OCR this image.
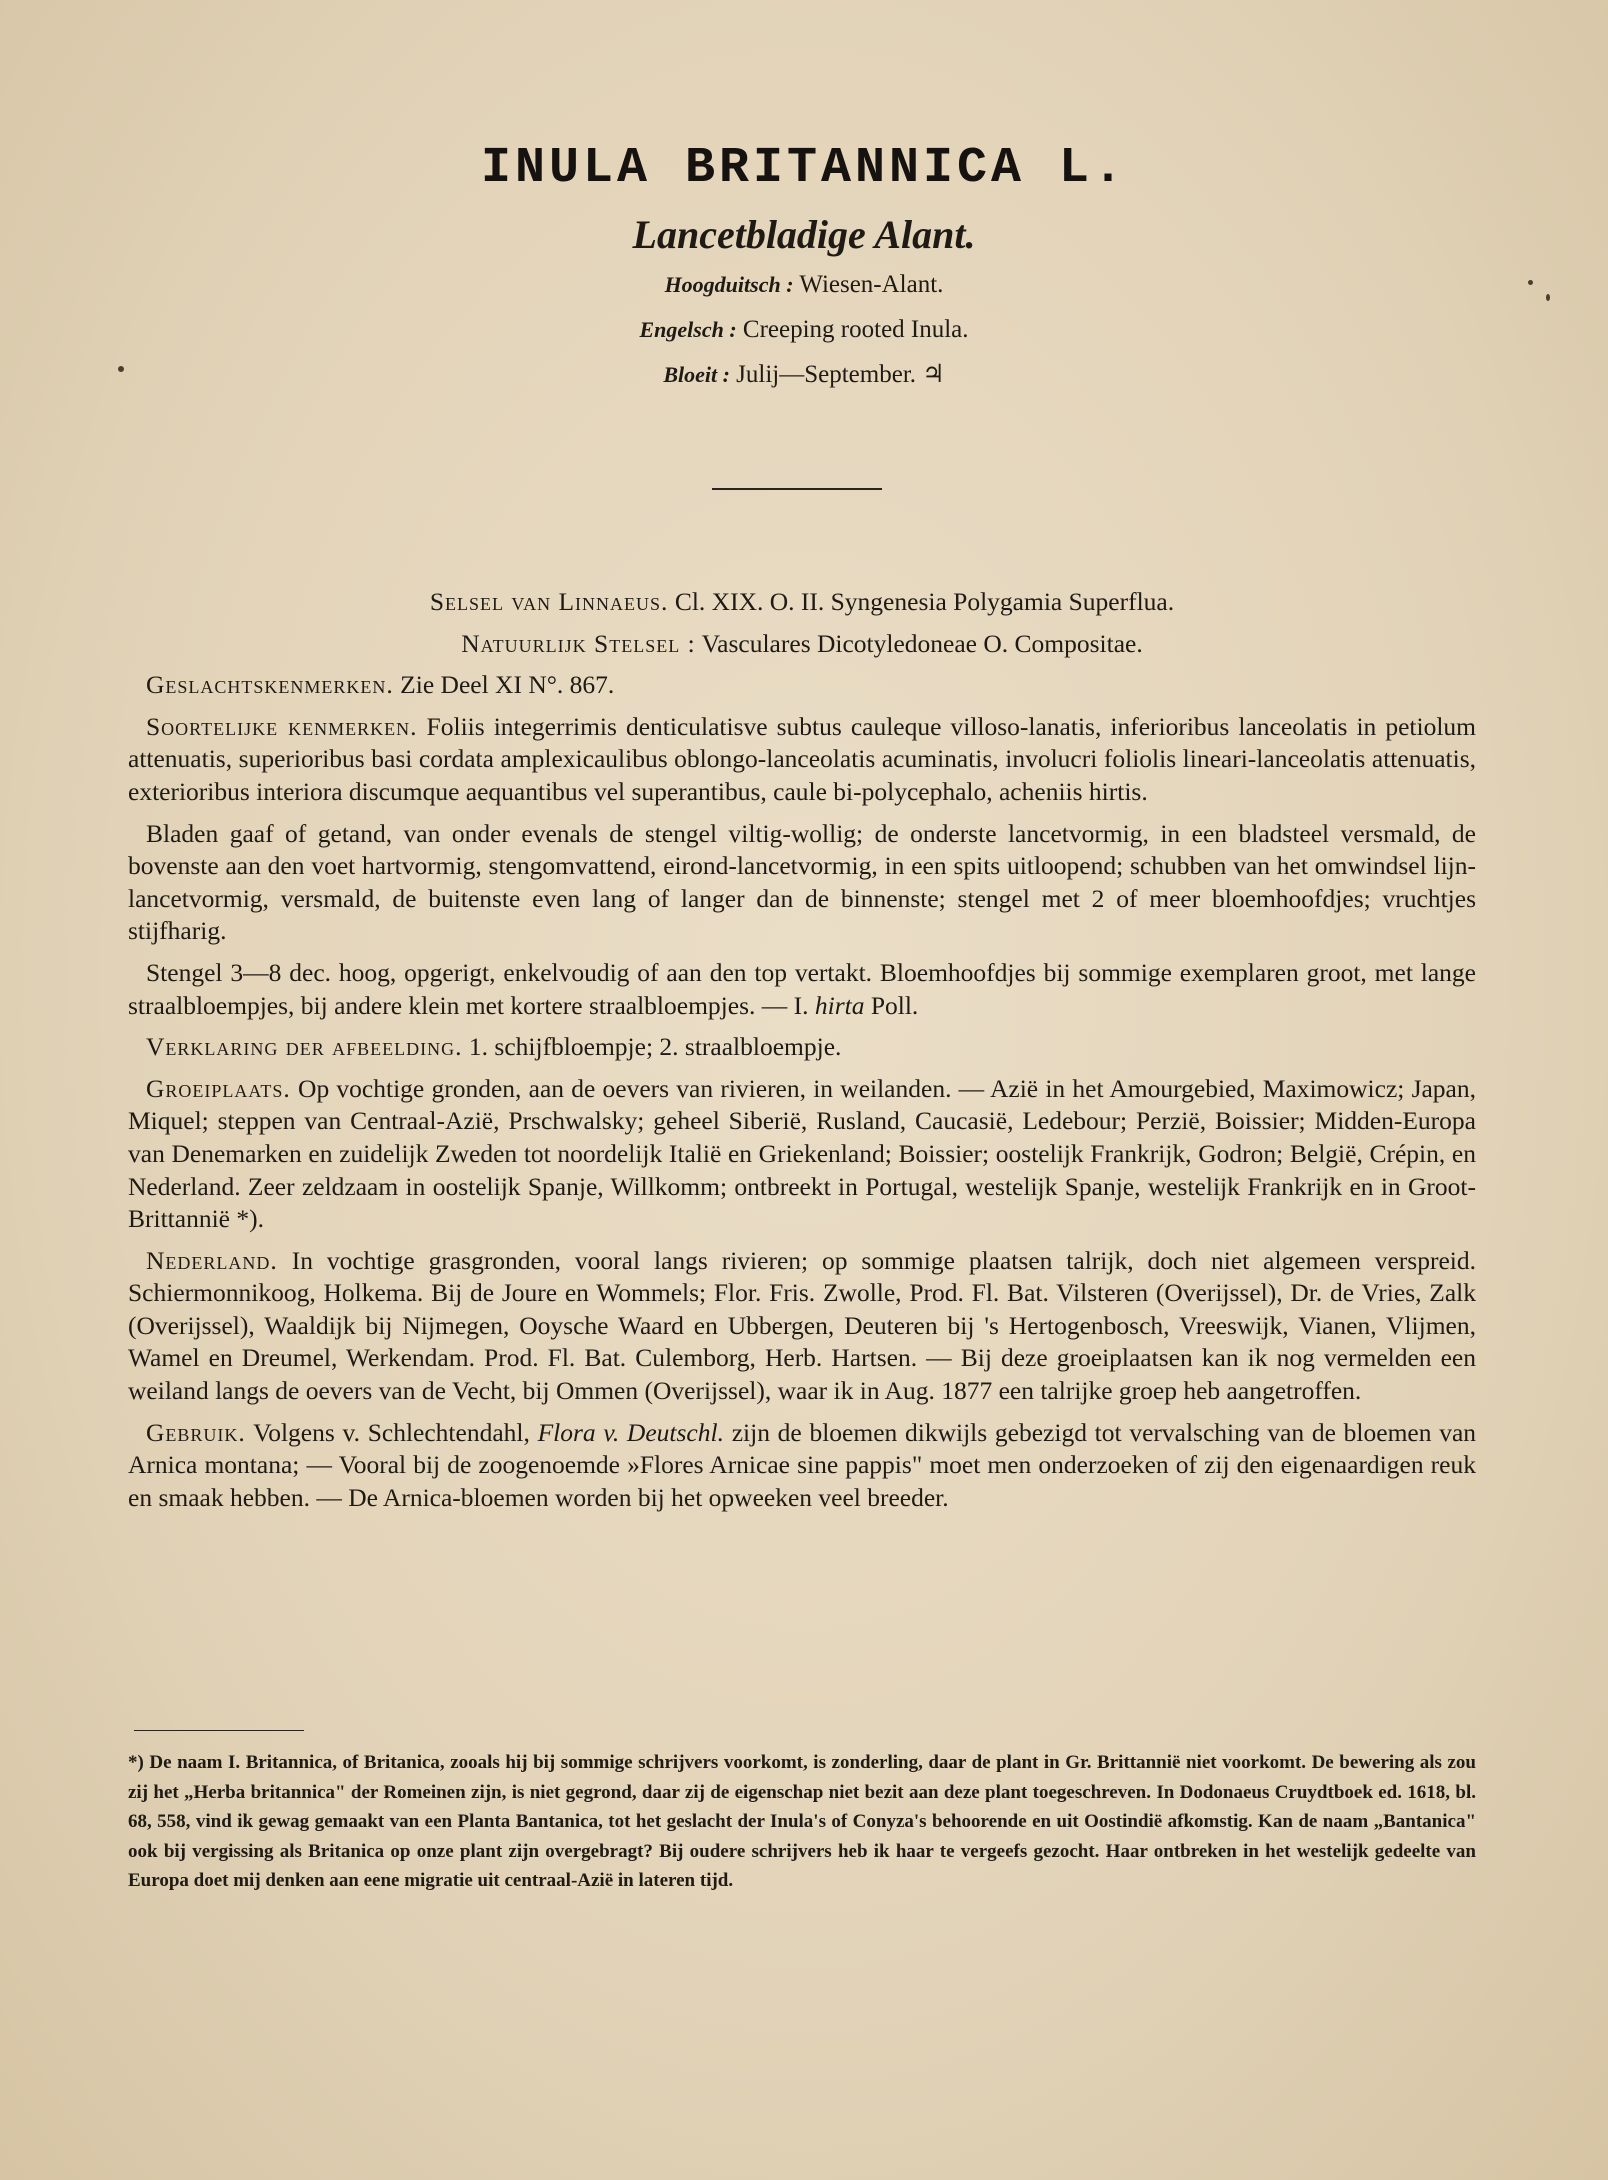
INULA BRITANNICA L.
Lancetbladige Alant.
Hoogduitsch : Wiesen-Alant.
Engelsch : Creeping rooted Inula.
Bloeit : Julij—September. ♃

Selsel van Linnaeus. Cl. XIX. O. II. Syngenesia Polygamia Superflua.

Natuurlijk Stelsel : Vasculares Dicotyledoneae O. Compositae.

Geslachtskenmerken. Zie Deel XI N°. 867.

Soortelijke kenmerken. Foliis integerrimis denticulatisve subtus cauleque villoso-lanatis, inferioribus lanceolatis in petiolum attenuatis, superioribus basi cordata amplexicaulibus oblongo-lanceolatis acuminatis, involucri foliolis lineari-lanceolatis attenuatis, exterioribus interiora discumque aequantibus vel superantibus, caule bi-polycephalo, acheniis hirtis.

Bladen gaaf of getand, van onder evenals de stengel viltig-wollig; de onderste lancetvormig, in een bladsteel versmald, de bovenste aan den voet hartvormig, stengomvattend, eirond-lancetvormig, in een spits uitloopend; schubben van het omwindsel lijn-lancetvormig, versmald, de buitenste even lang of langer dan de binnenste; stengel met 2 of meer bloemhoofdjes; vruchtjes stijfharig.

Stengel 3—8 dec. hoog, opgerigt, enkelvoudig of aan den top vertakt. Bloemhoofdjes bij sommige exemplaren groot, met lange straalbloempjes, bij andere klein met kortere straalbloempjes. — I. hirta Poll.

Verklaring der afbeelding. 1. schijfbloempje; 2. straalbloempje.

Groeiplaats. Op vochtige gronden, aan de oevers van rivieren, in weilanden. — Azië in het Amourgebied, Maximowicz; Japan, Miquel; steppen van Centraal-Azië, Prschwalsky; geheel Siberië, Rusland, Caucasië, Ledebour; Perzië, Boissier; Midden-Europa van Denemarken en zuidelijk Zweden tot noordelijk Italië en Griekenland; Boissier; oostelijk Frankrijk, Godron; België, Crépin, en Nederland. Zeer zeldzaam in oostelijk Spanje, Willkomm; ontbreekt in Portugal, westelijk Spanje, westelijk Frankrijk en in Groot-Brittannië *).

Nederland. In vochtige grasgronden, vooral langs rivieren; op sommige plaatsen talrijk, doch niet algemeen verspreid. Schiermonnikoog, Holkema. Bij de Joure en Wommels; Flor. Fris. Zwolle, Prod. Fl. Bat. Vilsteren (Overijssel), Dr. de Vries, Zalk (Overijssel), Waaldijk bij Nijmegen, Ooysche Waard en Ubbergen, Deuteren bij 's Hertogenbosch, Vreeswijk, Vianen, Vlijmen, Wamel en Dreumel, Werkendam. Prod. Fl. Bat. Culemborg, Herb. Hartsen. — Bij deze groeiplaatsen kan ik nog vermelden een weiland langs de oevers van de Vecht, bij Ommen (Overijssel), waar ik in Aug. 1877 een talrijke groep heb aangetroffen.

Gebruik. Volgens v. Schlechtendahl, Flora v. Deutschl. zijn de bloemen dikwijls gebezigd tot vervalsching van de bloemen van Arnica montana; — Vooral bij de zoogenoemde »Flores Arnicae sine pappis" moet men onderzoeken of zij den eigenaardigen reuk en smaak hebben. — De Arnica-bloemen worden bij het opweeken veel breeder.

*) De naam I. Britannica, of Britanica, zooals hij bij sommige schrijvers voorkomt, is zonderling, daar de plant in Gr. Brittannië niet voorkomt. De bewering als zou zij het „Herba britannica" der Romeinen zijn, is niet gegrond, daar zij de eigenschap niet bezit aan deze plant toegeschreven. In Dodonaeus Cruydtboek ed. 1618, bl. 68, 558, vind ik gewag gemaakt van een Planta Bantanica, tot het geslacht der Inula's of Conyza's behoorende en uit Oostindië afkomstig. Kan de naam „Bantanica" ook bij vergissing als Britanica op onze plant zijn overgebragt? Bij oudere schrijvers heb ik haar te vergeefs gezocht. Haar ontbreken in het westelijk gedeelte van Europa doet mij denken aan eene migratie uit centraal-Azië in lateren tijd.
